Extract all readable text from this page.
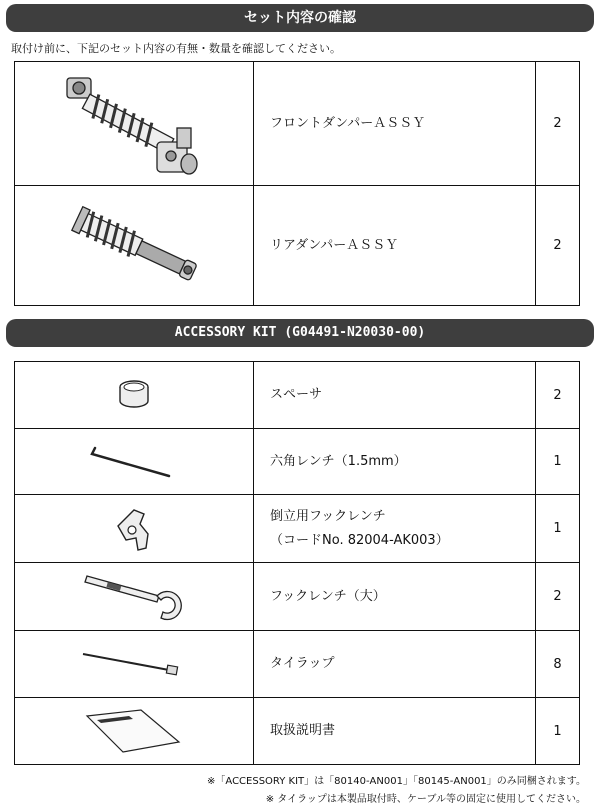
セット内容の確認
取付け前に、下記のセット内容の有無・数量を確認してください。
	フロントダンパーＡＳＳＹ	2

	リアダンパーＡＳＳＹ	2
ACCESSORY KIT (G04491-N20030-00)
	スペーサ	2

	六角レンチ（1.5mm）	1

倒立用フックレンチ
（コードNo. 82004-AK003）	1

	フックレンチ（大）	2

	タイラップ	8

	取扱説明書	1
※「ACCESSORY KIT」は「80140-AN001」「80145-AN001」のみ同梱されます。
※ タイラップは本製品取付時、ケーブル等の固定に使用してください。
